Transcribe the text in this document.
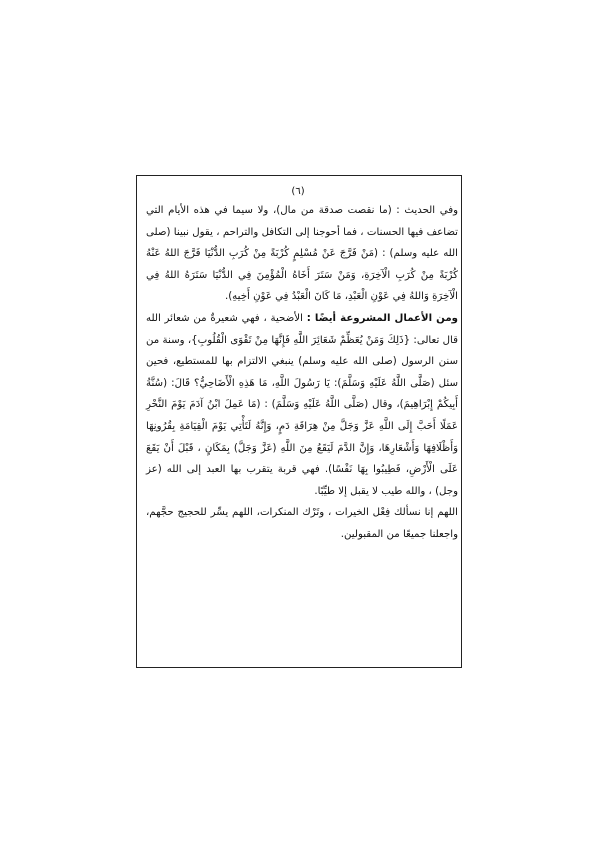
(٦)

وفي الحديث : (ما نقصت صدقة من مال)، ولا سيما في هذه الأيام التي تضاعف فيها الحسنات ، فما أحوجنا إلى التكافل والتراحم ، يقول نبينا (صلى الله عليه وسلم) : (مَنْ فَرَّجَ عَنْ مُسْلِمٍ كُرْبَةً مِنْ كُرَبِ الدُّنْيَا فَرَّجَ اللهُ عَنْهُ كُرْبَةً مِنْ كُرَبِ الْآخِرَةِ، وَمَنْ سَتَرَ أَخَاهُ الْمُؤْمِنَ فِي الدُّنْيَا سَتَرَهُ اللهُ فِي الْآخِرَةِ وَاللهُ فِي عَوْنِ الْعَبْدِ، مَا كَانَ الْعَبْدُ فِي عَوْنِ أَخِيهِ).

ومن الأعمال المشروعة أيضًا : الأضحية ، فهي شعيرةٌ من شعائر الله قال تعالى: {ذَلِكَ وَمَنْ يُعَظِّمْ شَعَائِرَ اللَّهِ فَإِنَّهَا مِنْ تَقْوَى الْقُلُوبِ}، وسنة من سنن الرسول (صلى الله عليه وسلم) ينبغي الالتزام بها للمستطيع، فحين سئل (صَلَّى اللَّهُ عَلَيْهِ وَسَلَّمَ): يَا رَسُولَ اللَّهِ، مَا هَذِهِ الْأَضَاحِيُّ؟ قَالَ: (سُنَّةُ أَبِيكُمْ إِبْرَاهِيمَ)، وقال (صَلَّى اللَّهُ عَلَيْهِ وَسَلَّمَ) : (مَا عَمِلَ ابْنُ آدَمَ يَوْمَ النَّحْرِ عَمَلًا أَحَبَّ إِلَى اللَّهِ عَزَّ وَجَلَّ مِنْ هِرَاقَةِ دَمٍ، وَإِنَّهُ لَتَأْتِي يَوْمَ الْقِيَامَةِ بِقُرُونِهَا وَأَظْلَافِهَا وَأَشْعَارِهَا، وَإِنَّ الدَّمَ لَيَقَعُ مِنَ اللَّهِ (عَزَّ وَجَلَّ) بِمَكَانٍ ، قَبْلَ أَنْ يَقَعَ عَلَى الْأَرْضِ، فَطِيبُوا بِهَا نَفْسًا). فهي قربة يتقرب بها العبد إلى الله (عز وجل) ، والله طيب لا يقبل إلا طيِّبًا.

اللهم إنا نسألك فِعْل الخيرات ، وتَرْك المنكرات، اللهم يسِّر للحجيج حجَّهم، واجعلنا جميعًا من المقبولين.
